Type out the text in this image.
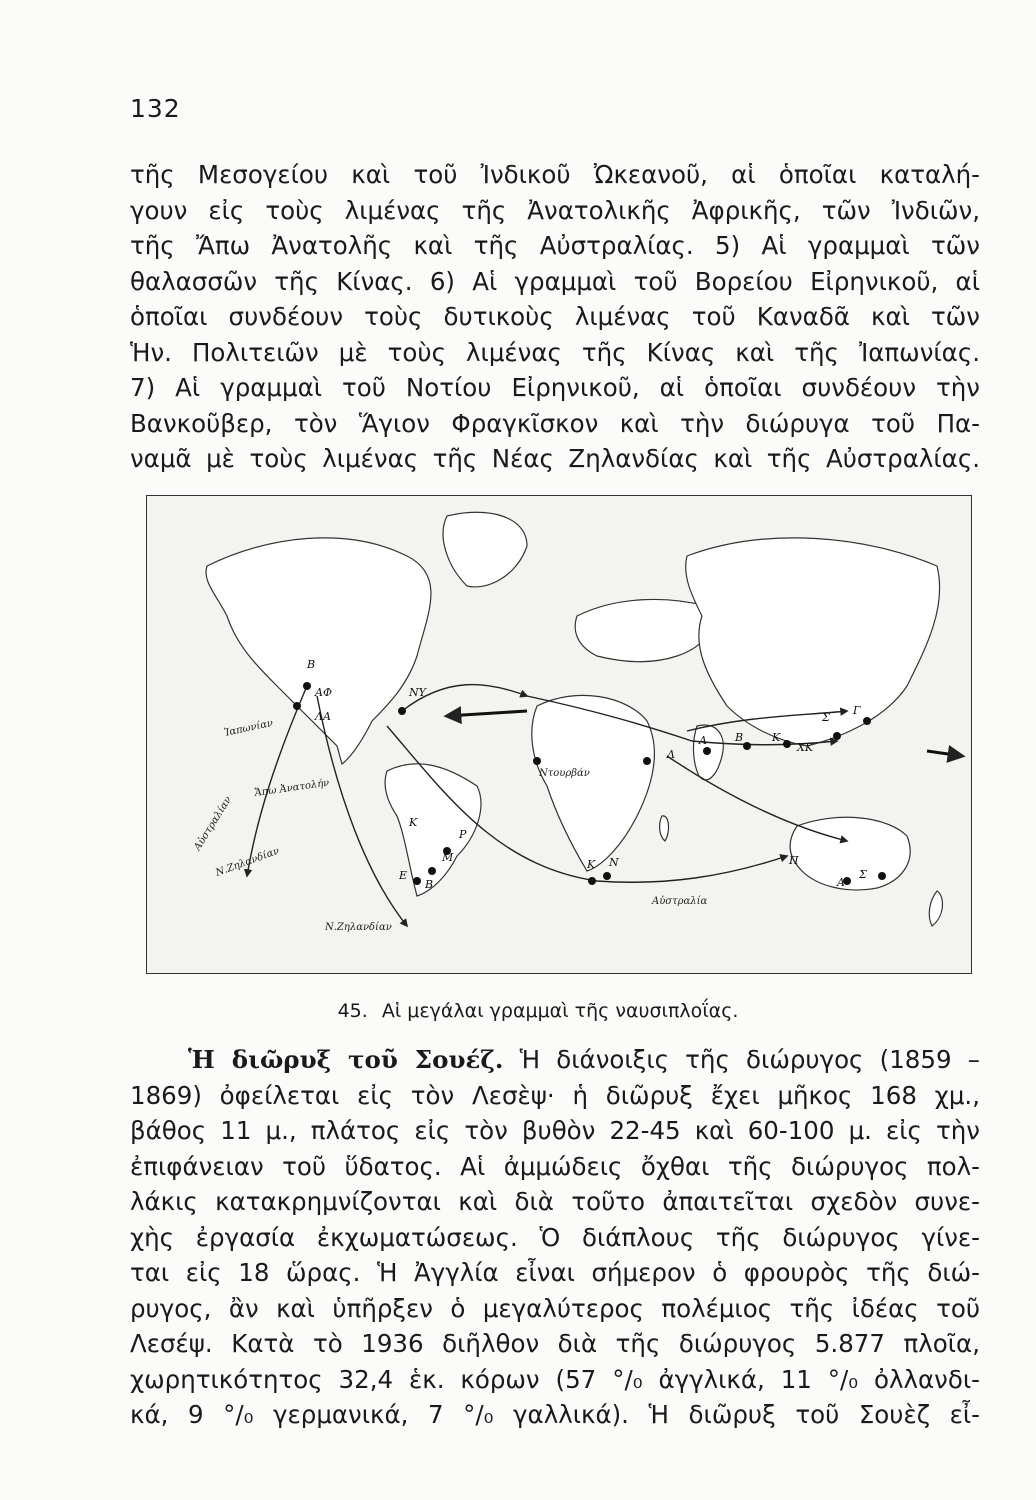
132
τῆς Μεσογείου καὶ τοῦ Ἰνδικοῦ Ὠκεανοῦ, αἱ ὁποῖαι καταλή-
γουν εἰς τοὺς λιμένας τῆς Ἀνατολικῆς Ἀφρικῆς, τῶν Ἰνδιῶν,
τῆς Ἄπω Ἀνατολῆς καὶ τῆς Αὐστραλίας. 5) Αἱ γραμμαὶ τῶν
θαλασσῶν τῆς Κίνας. 6) Αἱ γραμμαὶ τοῦ Βορείου Εἰρηνικοῦ, αἱ
ὁποῖαι συνδέουν τοὺς δυτικοὺς λιμένας τοῦ Καναδᾶ καὶ τῶν
Ἡν. Πολιτειῶν μὲ τοὺς λιμένας τῆς Κίνας καὶ τῆς Ἰαπωνίας.
7) Αἱ γραμμαὶ τοῦ Νοτίου Εἰρηνικοῦ, αἱ ὁποῖαι συνδέουν τὴν
Βανκοῦβερ, τὸν Ἅγιον Φραγκῖσκον καὶ τὴν διώρυγα τοῦ Πα-
ναμᾶ μὲ τοὺς λιμένας τῆς Νέας Ζηλανδίας καὶ τῆς Αὐστραλίας.
Β
ΑΦ
ΛΑ
ΝΥ
Κ
Ρ
Μ
Β
Ε
Λ
Α	Β	Κ
ΧΚ
Σ
Γ
Κ Ν	Π
Α
Σ
Ντουρβάν
Αὐστραλία
Αὐστραλίαν
Ν.Ζηλανδίαν
Ν.Ζηλανδίαν
Ἄπω Ἀνατολήν
Ἰαπωνίαν
45. Αἱ μεγάλαι γραμμαὶ τῆς ναυσιπλοΐας.
Ἡ διῶρυξ τοῦ Σουέζ. Ἡ διάνοιξις τῆς διώρυγος (1859 –
1869) ὀφείλεται εἰς τὸν Λεσὲψ· ἡ διῶρυξ ἔχει μῆκος 168 χμ.,
βάθος 11 μ., πλάτος εἰς τὸν βυθὸν 22-45 καὶ 60-100 μ. εἰς τὴν
ἐπιφάνειαν τοῦ ὕδατος. Αἱ ἀμμώδεις ὄχθαι τῆς διώρυγος πολ-
λάκις κατακρημνίζονται καὶ διὰ τοῦτο ἀπαιτεῖται σχεδὸν συνε-
χὴς ἐργασία ἐκχωματώσεως. Ὁ διάπλους τῆς διώρυγος γίνε-
ται εἰς 18 ὥρας. Ἡ Ἀγγλία εἶναι σήμερον ὁ φρουρὸς τῆς διώ-
ρυγος, ἂν καὶ ὑπῆρξεν ὁ μεγαλύτερος πολέμιος τῆς ἰδέας τοῦ
Λεσέψ. Κατὰ τὸ 1936 διῆλθον διὰ τῆς διώρυγος 5.877 πλοῖα,
χωρητικότητος 32,4 ἑκ. κόρων (57 °/₀ ἀγγλικά, 11 °/₀ ὀλλανδι-
κά, 9 °/₀ γερμανικά, 7 °/₀ γαλλικά). Ἡ διῶρυξ τοῦ Σουὲζ εἶ-
